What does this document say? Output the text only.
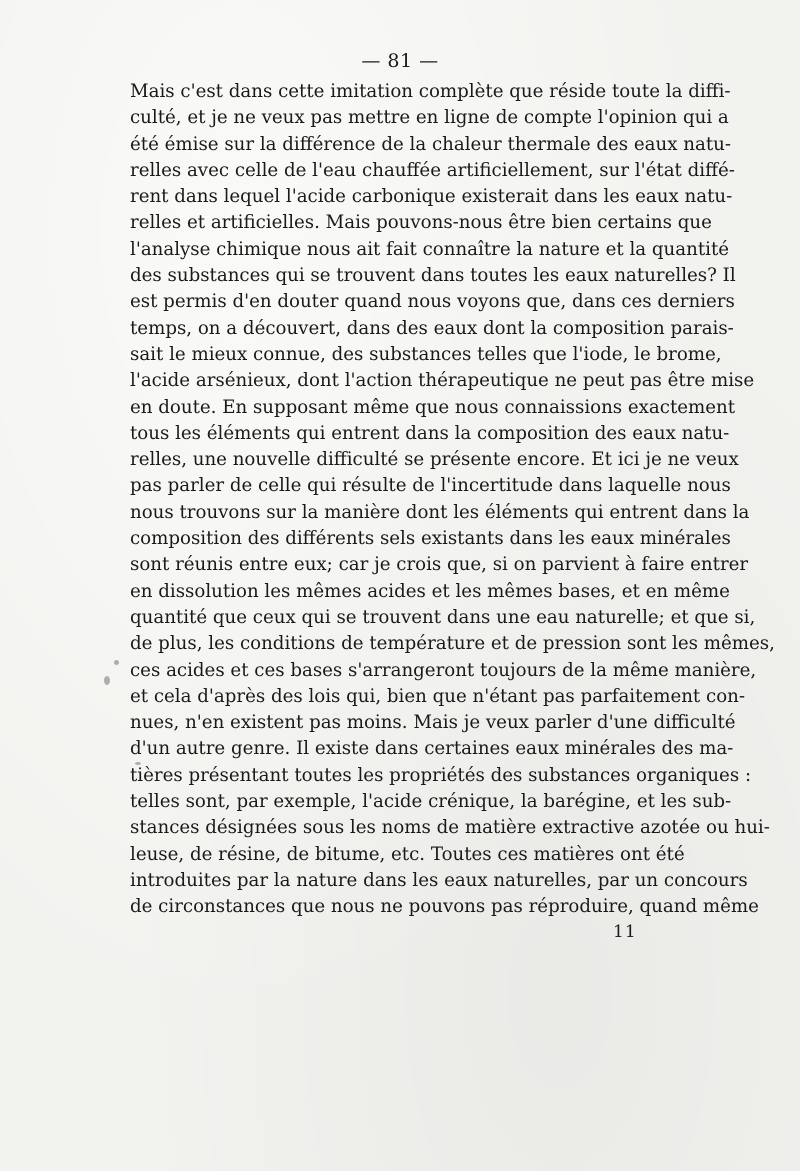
— 81 —
Mais c'est dans cette imitation complète que réside toute la diffi-
culté, et je ne veux pas mettre en ligne de compte l'opinion qui a
été émise sur la différence de la chaleur thermale des eaux natu-
relles avec celle de l'eau chauffée artificiellement, sur l'état diffé-
rent dans lequel l'acide carbonique existerait dans les eaux natu-
relles et artificielles. Mais pouvons-nous être bien certains que
l'analyse chimique nous ait fait connaître la nature et la quantité
des substances qui se trouvent dans toutes les eaux naturelles? Il
est permis d'en douter quand nous voyons que, dans ces derniers
temps, on a découvert, dans des eaux dont la composition parais-
sait le mieux connue, des substances telles que l'iode, le brome,
l'acide arsénieux, dont l'action thérapeutique ne peut pas être mise
en doute. En supposant même que nous connaissions exactement
tous les éléments qui entrent dans la composition des eaux natu-
relles, une nouvelle difficulté se présente encore. Et ici je ne veux
pas parler de celle qui résulte de l'incertitude dans laquelle nous
nous trouvons sur la manière dont les éléments qui entrent dans la
composition des différents sels existants dans les eaux minérales
sont réunis entre eux; car je crois que, si on parvient à faire entrer
en dissolution les mêmes acides et les mêmes bases, et en même
quantité que ceux qui se trouvent dans une eau naturelle; et que si,
de plus, les conditions de température et de pression sont les mêmes,
ces acides et ces bases s'arrangeront toujours de la même manière,
et cela d'après des lois qui, bien que n'étant pas parfaitement con-
nues, n'en existent pas moins. Mais je veux parler d'une difficulté
d'un autre genre. Il existe dans certaines eaux minérales des ma-
tières présentant toutes les propriétés des substances organiques :
telles sont, par exemple, l'acide crénique, la barégine, et les sub-
stances désignées sous les noms de matière extractive azotée ou hui-
leuse, de résine, de bitume, etc. Toutes ces matières ont été
introduites par la nature dans les eaux naturelles, par un concours
de circonstances que nous ne pouvons pas réproduire, quand même
11
